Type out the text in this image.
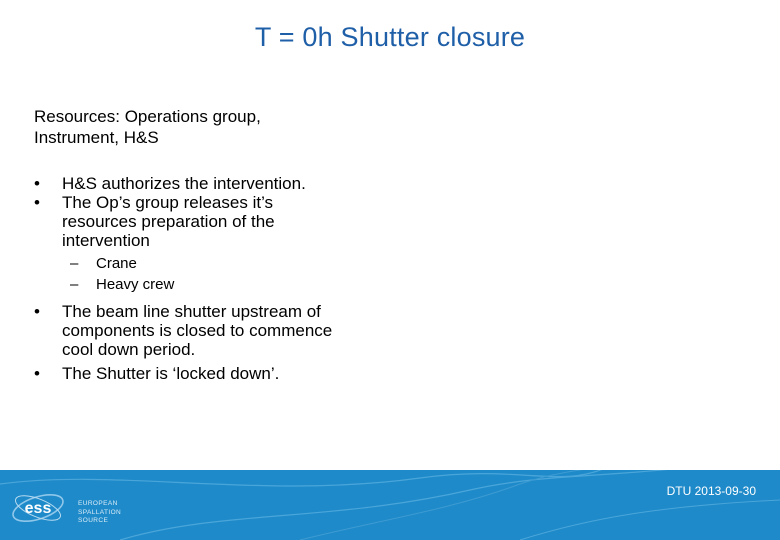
T = 0h Shutter closure

Resources: Operations group,
Instrument, H&S

•	H&S authorizes the intervention.
•	The Op’s group releases it’s resources preparation of the intervention
– Crane
– Heavy crew
•	The beam line shutter upstream of components is closed to commence cool down period.
•	The Shutter is ‘locked down’.
ess	EUROPEAN
SPALLATION
SOURCE
DTU 2013-09-30
